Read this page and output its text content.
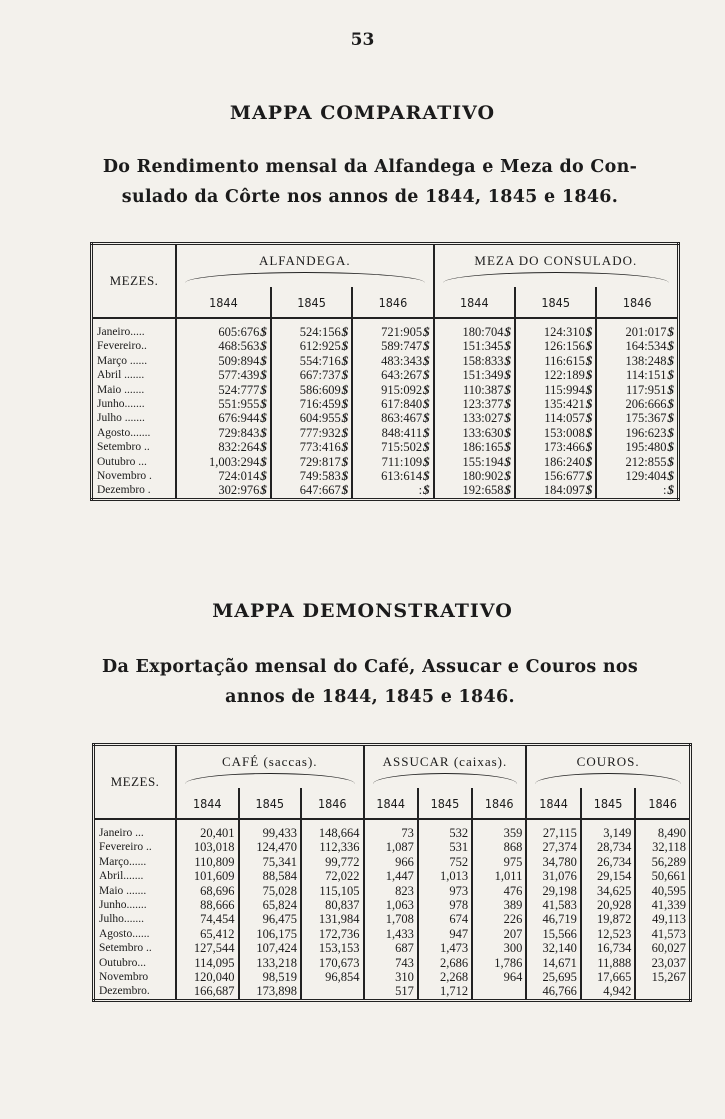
53
MAPPA COMPARATIVO
Do Rendimento mensal da Alfandega e Meza do Con-
sulado da Côrte nos annos de 1844, 1845 e 1846.
MEZES.	ALFANDEGA.			MEZA DO CONSULADO.		

	1844	1845	1846	1844	1845	1846
Janeiro.....	605:676$	524:156$	721:905$	180:704$	124:310$	201:017$
Fevereiro..	468:563$	612:925$	589:747$	151:345$	126:156$	164:534$
Março ......	509:894$	554:716$	483:343$	158:833$	116:615$	138:248$
Abril .......	577:439$	667:737$	643:267$	151:349$	122:189$	114:151$
Maio .......	524:777$	586:609$	915:092$	110:387$	115:994$	117:951$
Junho.......	551:955$	716:459$	617:840$	123:377$	135:421$	206:666$
Julho .......	676:944$	604:955$	863:467$	133:027$	114:057$	175:367$
Agosto.......	729:843$	777:932$	848:411$	133:630$	153:008$	196:623$
Setembro ..	832:264$	773:416$	715:502$	186:165$	173:466$	195:480$
Outubro ...	1,003:294$	729:817$	711:109$	155:194$	186:240$	212:855$
Novembro .	724:014$	749:583$	613:614$	180:902$	156:677$	129:404$
Dezembro .	302:976$	647:667$	:$	192:658$	184:097$	:$
MAPPA DEMONSTRATIVO
Da Exportação mensal do Café, Assucar e Couros nos
annos de 1844, 1845 e 1846.
MEZES.	CAFÉ (saccas).			ASSUCAR (caixas).			COUROS.		

	1844	1845	1846	1844	1845	1846	1844	1845	1846
Janeiro ...	20,401	99,433	148,664	73	532	359	27,115	3,149	8,490
Fevereiro ..	103,018	124,470	112,336	1,087	531	868	27,374	28,734	32,118
Março......	110,809	75,341	99,772	966	752	975	34,780	26,734	56,289
Abril.......	101,609	88,584	72,022	1,447	1,013	1,011	31,076	29,154	50,661
Maio .......	68,696	75,028	115,105	823	973	476	29,198	34,625	40,595
Junho.......	88,666	65,824	80,837	1,063	978	389	41,583	20,928	41,339
Julho.......	74,454	96,475	131,984	1,708	674	226	46,719	19,872	49,113
Agosto......	65,412	106,175	172,736	1,433	947	207	15,566	12,523	41,573
Setembro ..	127,544	107,424	153,153	687	1,473	300	32,140	16,734	60,027
Outubro...	114,095	133,218	170,673	743	2,686	1,786	14,671	11,888	23,037
Novembro	120,040	98,519	96,854	310	2,268	964	25,695	17,665	15,267
Dezembro.	166,687	173,898		517	1,712		46,766	4,942	
